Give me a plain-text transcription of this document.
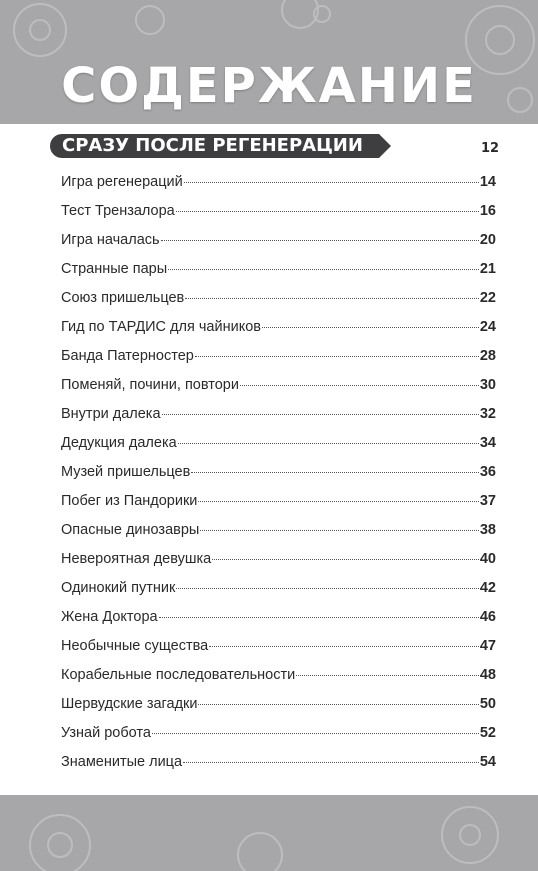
СОДЕРЖАНИЕ
СРАЗУ ПОСЛЕ РЕГЕНЕРАЦИИ	12
Игра регенераций	14
Тест Трензалора	16
Игра началась	20
Странные пары	21
Союз пришельцев	22
Гид по ТАРДИС для чайников	24
Банда Патерностер	28
Поменяй, почини, повтори	30
Внутри далека	32
Дедукция далека	34
Музей пришельцев	36
Побег из Пандорики	37
Опасные динозавры	38
Невероятная девушка	40
Одинокий путник	42
Жена Доктора	46
Необычные существа	47
Корабельные последовательности	48
Шервудские загадки	50
Узнай робота	52
Знаменитые лица	54
